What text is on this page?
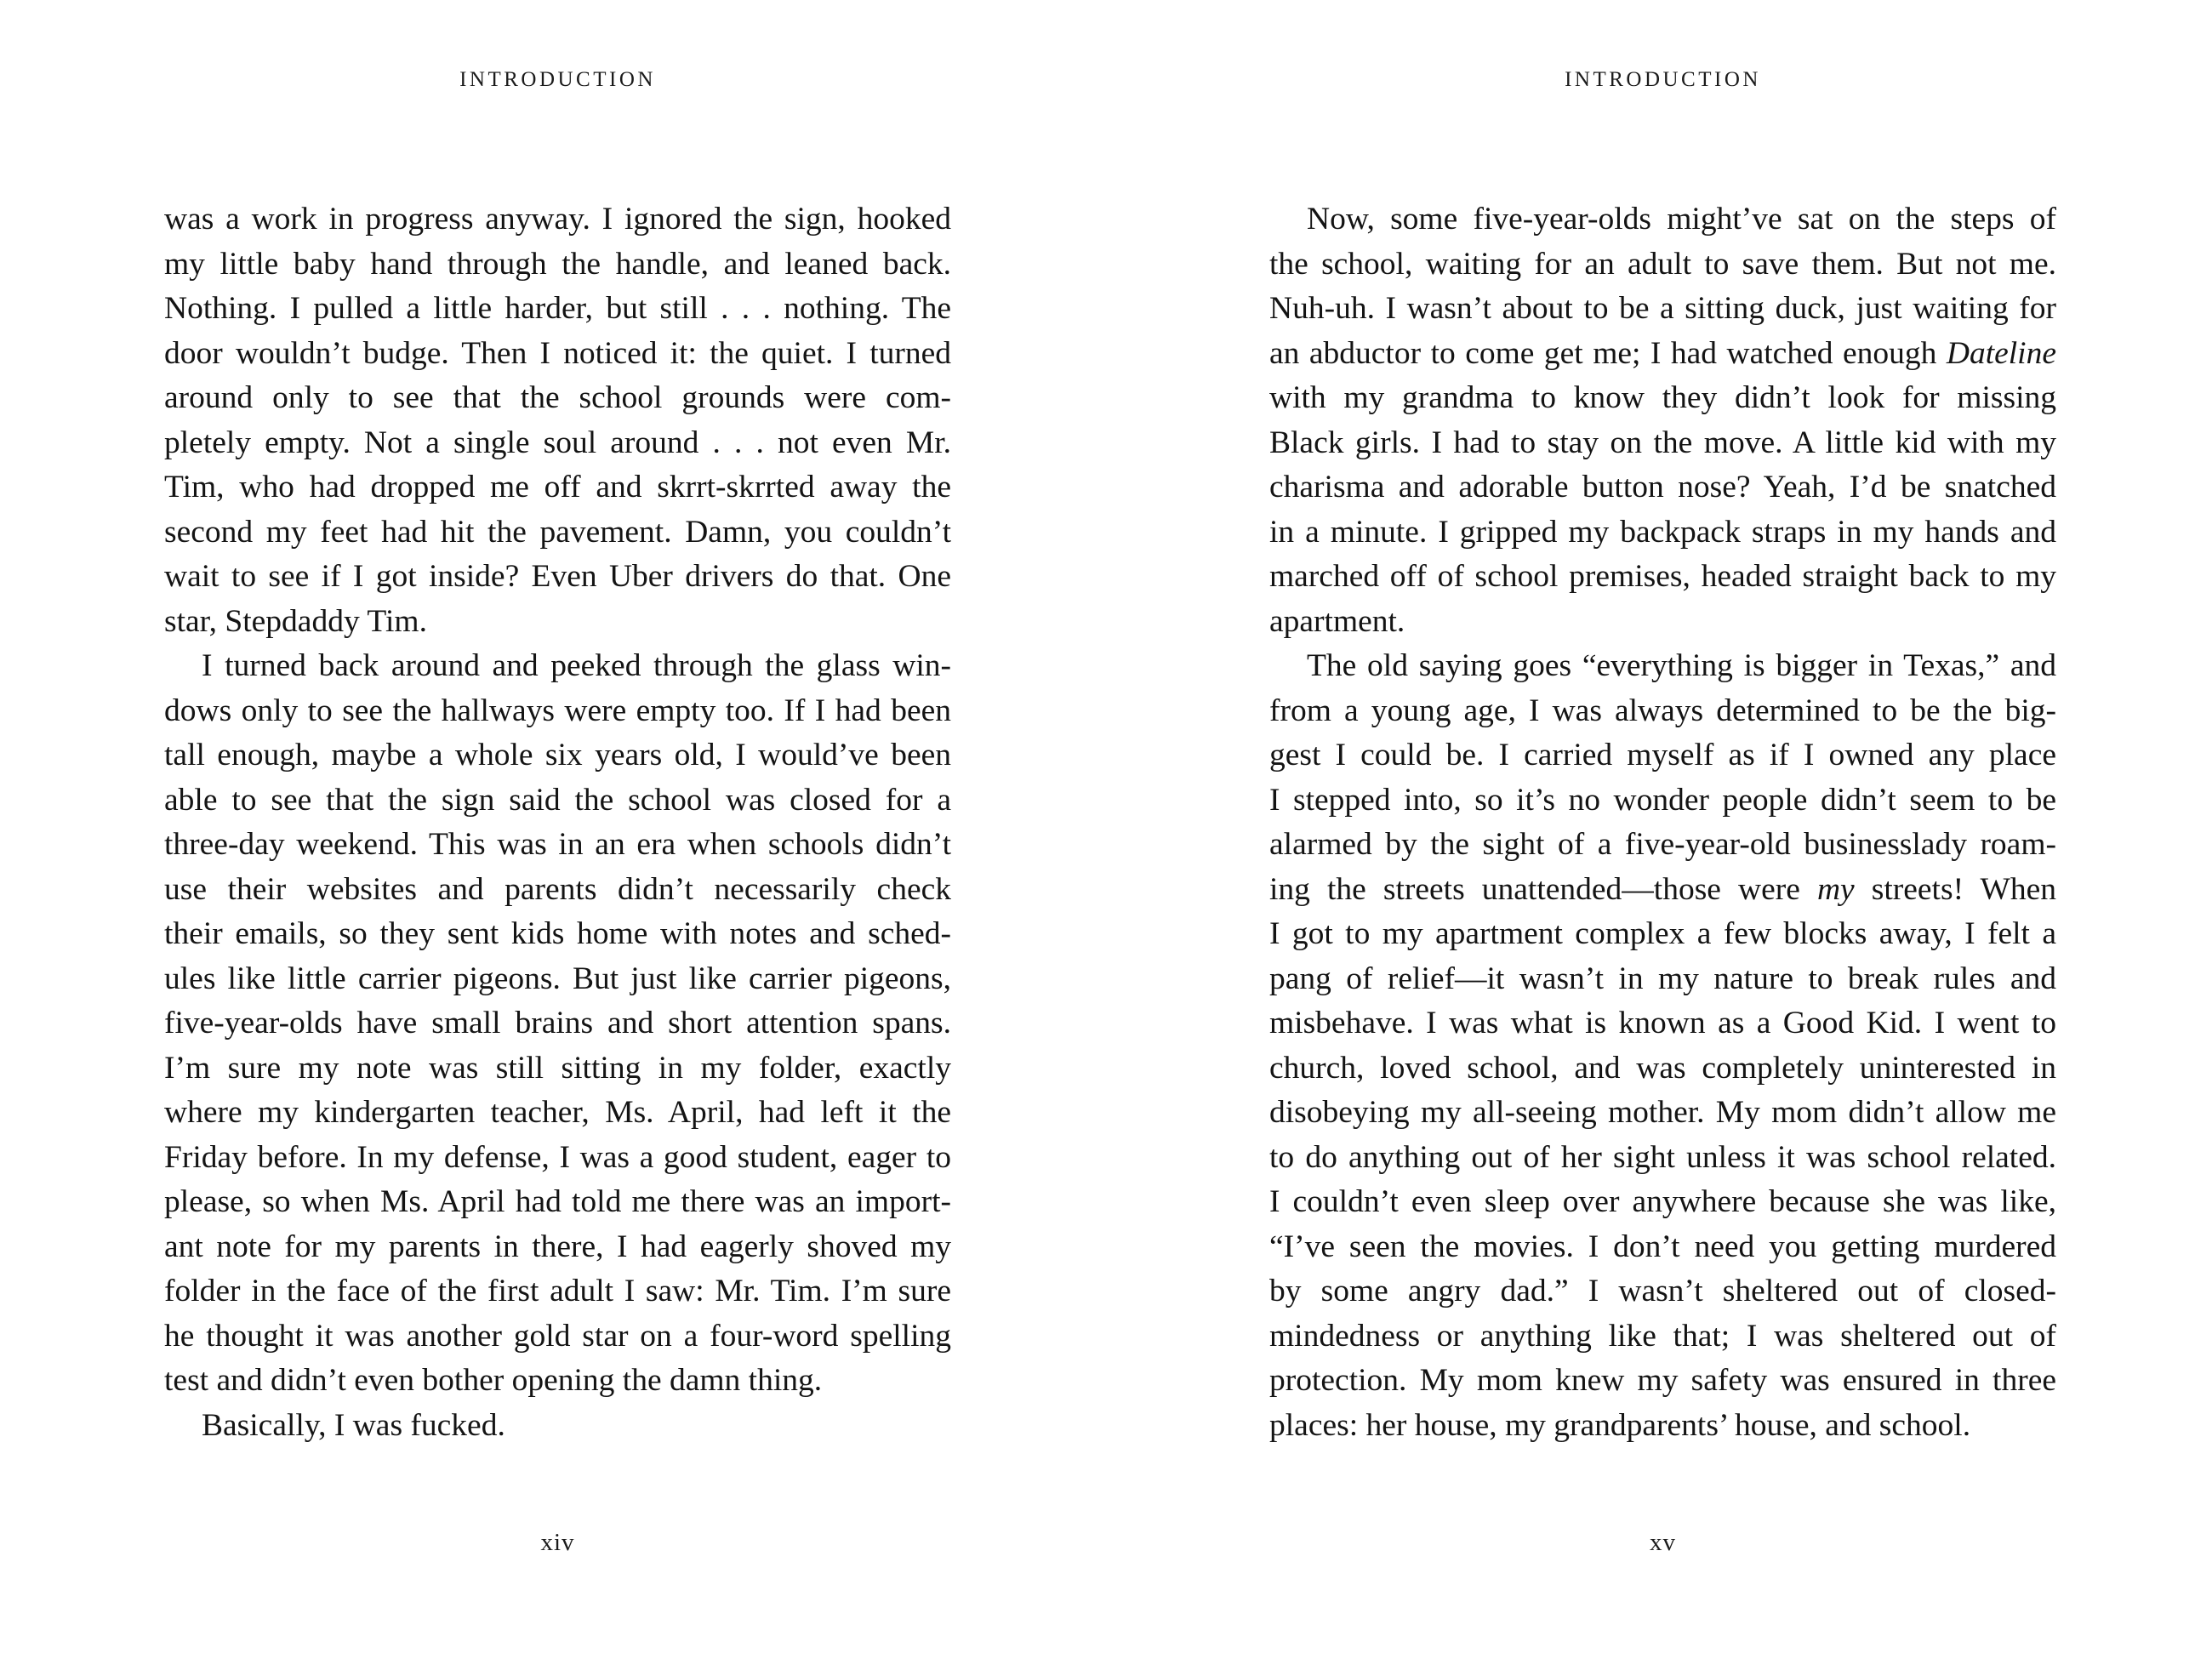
INTRODUCTION
was a work in progress anyway. I ignored the sign, hooked
my little baby hand through the handle, and leaned back.
Nothing. I pulled a little harder, but still . . . nothing. The
door wouldn’t budge. Then I noticed it: the quiet. I turned
around only to see that the school grounds were com-
pletely empty. Not a single soul around . . . not even Mr.
Tim, who had dropped me off and skrrt-skrrted away the
second my feet had hit the pavement. Damn, you couldn’t
wait to see if I got inside? Even Uber drivers do that. One
star, Stepdaddy Tim.
I turned back around and peeked through the glass win-
dows only to see the hallways were empty too. If I had been
tall enough, maybe a whole six years old, I would’ve been
able to see that the sign said the school was closed for a
three-day weekend. This was in an era when schools didn’t
use their websites and parents didn’t necessarily check
their emails, so they sent kids home with notes and sched-
ules like little carrier pigeons. But just like carrier pigeons,
five-year-olds have small brains and short attention spans.
I’m sure my note was still sitting in my folder, exactly
where my kindergarten teacher, Ms. April, had left it the
Friday before. In my defense, I was a good student, eager to
please, so when Ms. April had told me there was an import-
ant note for my parents in there, I had eagerly shoved my
folder in the face of the first adult I saw: Mr. Tim. I’m sure
he thought it was another gold star on a four-word spelling
test and didn’t even bother opening the damn thing.
Basically, I was fucked.
xiv
INTRODUCTION
Now, some five-year-olds might’ve sat on the steps of
the school, waiting for an adult to save them. But not me.
Nuh-uh. I wasn’t about to be a sitting duck, just waiting for
an abductor to come get me; I had watched enough Dateline
with my grandma to know they didn’t look for missing
Black girls. I had to stay on the move. A little kid with my
charisma and adorable button nose? Yeah, I’d be snatched
in a minute. I gripped my backpack straps in my hands and
marched off of school premises, headed straight back to my
apartment.
The old saying goes “everything is bigger in Texas,” and
from a young age, I was always determined to be the big-
gest I could be. I carried myself as if I owned any place
I stepped into, so it’s no wonder people didn’t seem to be
alarmed by the sight of a five-year-old businesslady roam-
ing the streets unattended—those were my streets! When
I got to my apartment complex a few blocks away, I felt a
pang of relief—it wasn’t in my nature to break rules and
misbehave. I was what is known as a Good Kid. I went to
church, loved school, and was completely uninterested in
disobeying my all-seeing mother. My mom didn’t allow me
to do anything out of her sight unless it was school related.
I couldn’t even sleep over anywhere because she was like,
“I’ve seen the movies. I don’t need you getting murdered
by some angry dad.” I wasn’t sheltered out of closed-
mindedness or anything like that; I was sheltered out of
protection. My mom knew my safety was ensured in three
places: her house, my grandparents’ house, and school.
xv
